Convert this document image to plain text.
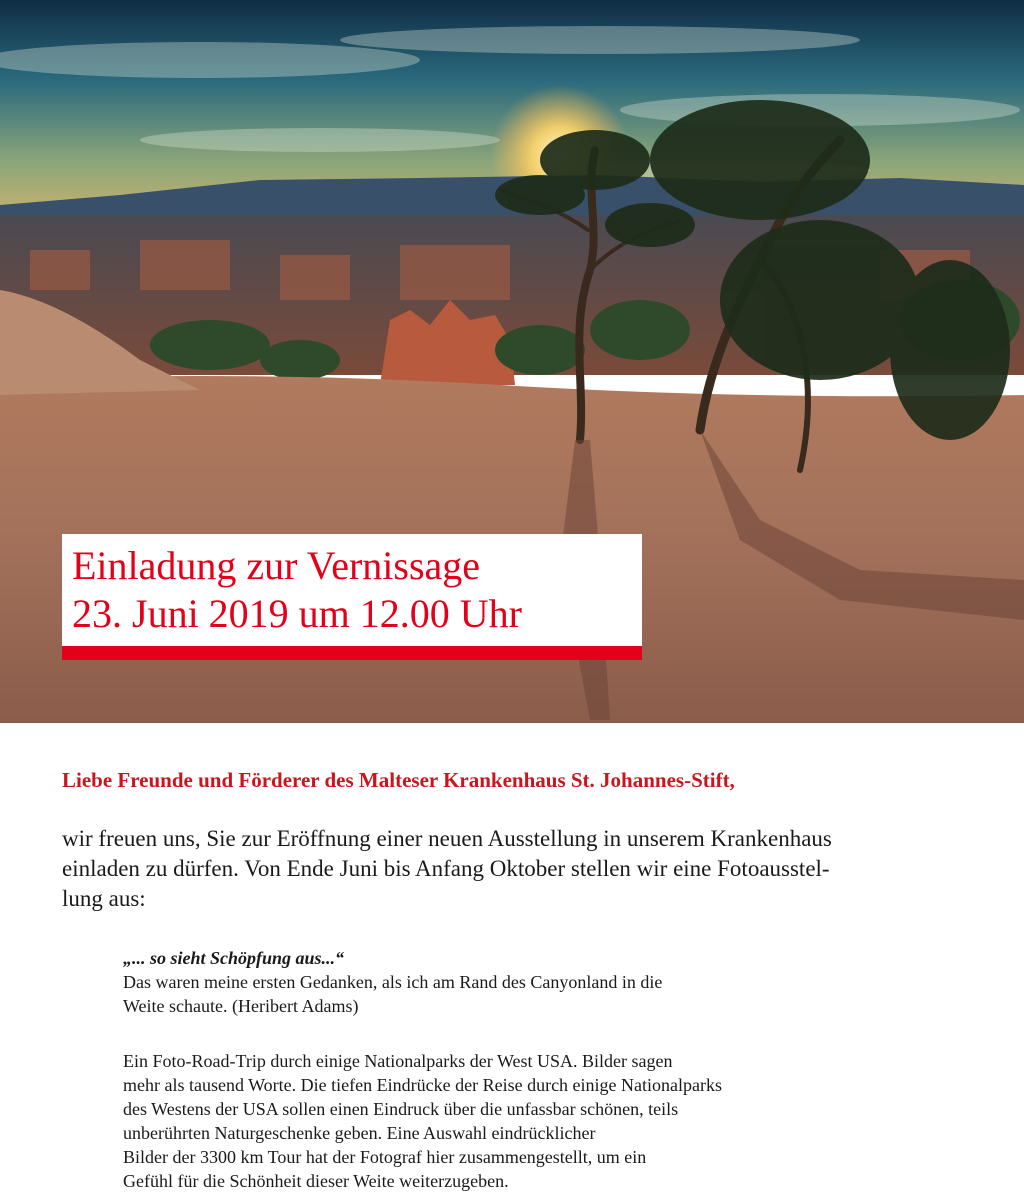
Einladung zur Vernissage
23. Juni 2019 um 12.00 Uhr

Liebe Freunde und Förderer des Malteser Krankenhaus St. Johannes-Stift,

wir freuen uns, Sie zur Eröffnung einer neuen Ausstellung in unserem Krankenhaus
einladen zu dürfen. Von Ende Juni bis Anfang Oktober stellen wir eine Fotoausstel-
lung aus:

„... so sieht Schöpfung aus...“
Das waren meine ersten Gedanken, als ich am Rand des Canyonland in die
Weite schaute. (Heribert Adams)
Ein Foto-Road-Trip durch einige Nationalparks der West USA. Bilder sagen
mehr als tausend Worte. Die tiefen Eindrücke der Reise durch einige Nationalparks
des Westens der USA sollen einen Eindruck über die unfassbar schönen, teils
unberührten Naturgeschenke geben. Eine Auswahl eindrücklicher
Bilder der 3300 km Tour hat der Fotograf hier zusammengestellt, um ein
Gefühl für die Schönheit dieser Weite weiterzugeben.
